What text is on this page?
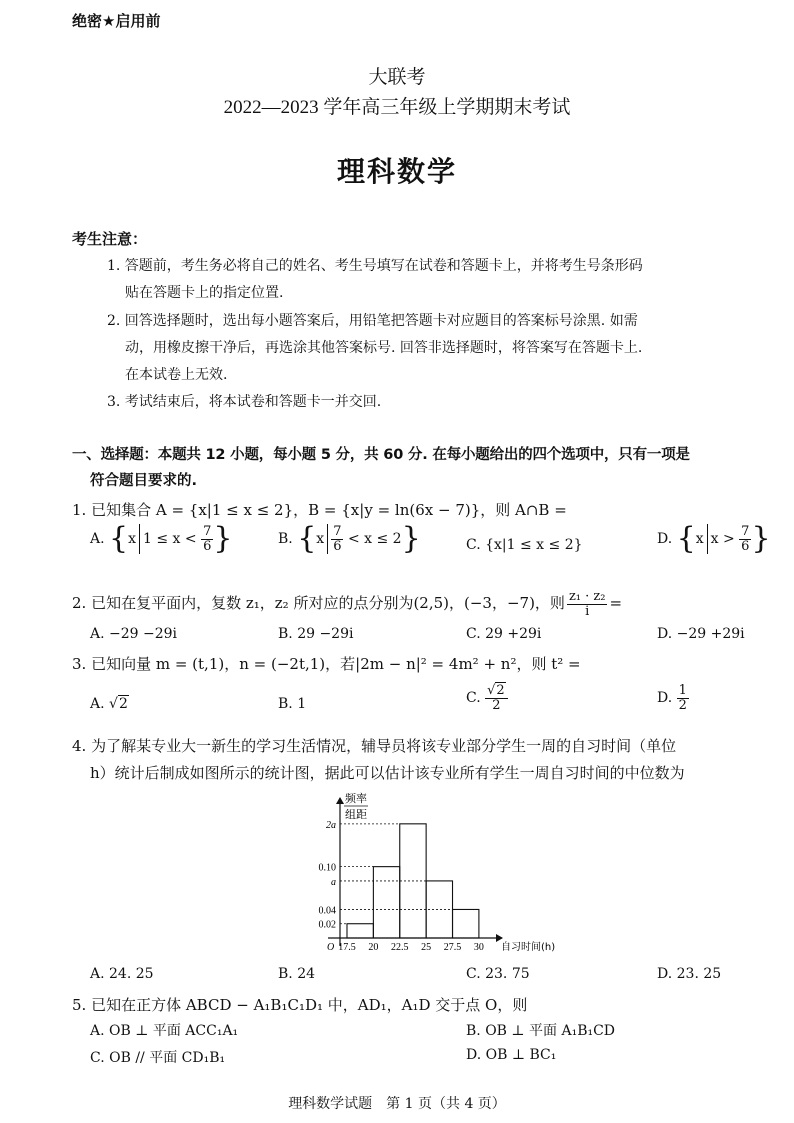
绝密★启用前
大联考
2022—2023 学年高三年级上学期期末考试
理科数学
考生注意：
1. 答题前，考生务必将自己的姓名、考生号填写在试卷和答题卡上，并将考生号条形码
贴在答题卡上的指定位置.
2. 回答选择题时，选出每小题答案后，用铅笔把答题卡对应题目的答案标号涂黑. 如需
动，用橡皮擦干净后，再选涂其他答案标号. 回答非选择题时，将答案写在答题卡上.
在本试卷上无效.
3. 考试结束后，将本试卷和答题卡一并交回.
一、选择题：本题共 12 小题，每小题 5 分，共 60 分. 在每小题给出的四个选项中，只有一项是
符合题目要求的.
1. 已知集合 A = {x|1 ≤ x ≤ 2}，B = {x|y = ln(6x − 7)}，则 A∩B =
A. {x $1 \le x < \frac{7}{6}$ }	B. $\{x \frac{7}{6} < x \le 2\}$	C. {x|1 ≤ x ≤ 2}	D. {x $x > \frac{7}{6}$ }
2. 已知在复平面内，复数 z₁，z₂ 所对应的点分别为(2,5)，(−3，−7)，则 $\frac{\text{z₁ · z₂}}{i}$ =
A. −29 −29i	B. 29 −29i	C. 29 +29i	D. −29 +29i
3. 已知向量 m = (t,1)，n = (−2t,1)，若|2m − n|² = 4m² + n²，则 t² =
A. √2	B. 1	C. $\frac{√2}{2}$	D. $\frac{1}{2}$
4. 为了解某专业大一新生的学习生活情况，辅导员将该专业部分学生一周的自习时间（单位
h）统计后制成如图所示的统计图，据此可以估计该专业所有学生一周自习时间的中位数为
2a
0.10
a
0.04
0.02
17.5 20 22.5 25 27.5 30
频率
组距
自习时间(h)
O
A. 24. 25	B. 24	C. 23. 75	D. 23. 25
5. 已知在正方体 ABCD − A₁B₁C₁D₁ 中，AD₁，A₁D 交于点 O，则
A. OB ⊥ 平面 ACC₁A₁	B. OB ⊥ 平面 A₁B₁CD
C. OB // 平面 CD₁B₁	D. OB ⊥ BC₁
理科数学试题　第 1 页（共 4 页）
